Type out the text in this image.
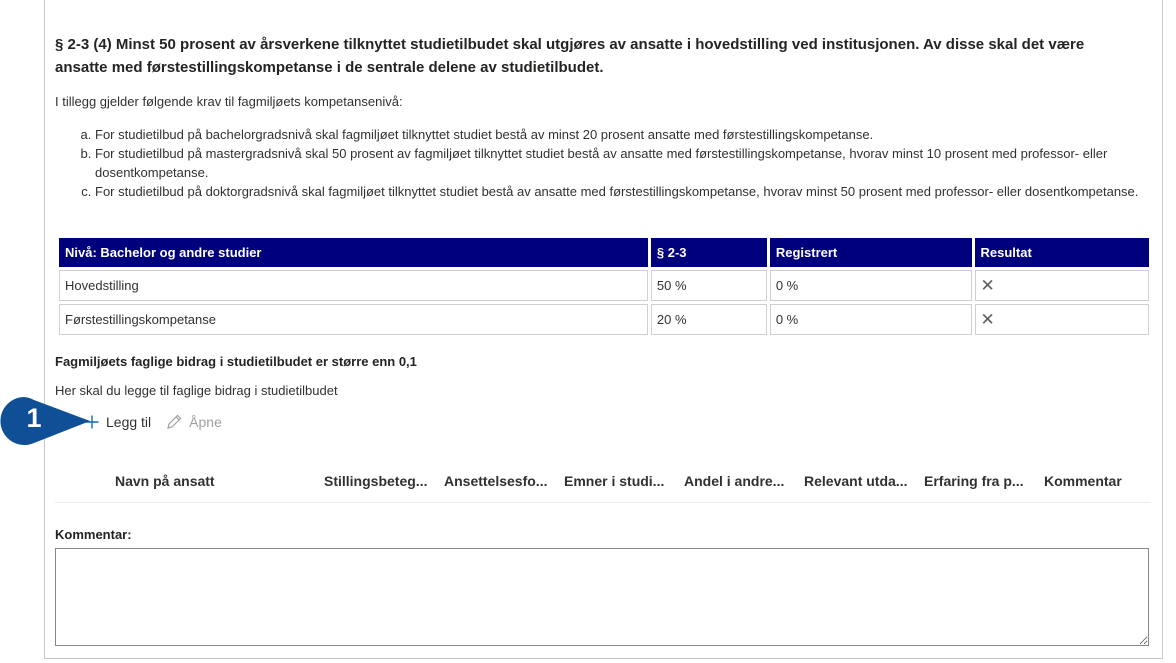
§ 2-3 (4) Minst 50 prosent av årsverkene tilknyttet studietilbudet skal utgjøres av ansatte i hovedstilling ved institusjonen. Av disse skal det være ansatte med førstestillingskompetanse i de sentrale delene av studietilbudet.

I tillegg gjelder følgende krav til fagmiljøets kompetansenivå:
a. For studietilbud på bachelorgradsnivå skal fagmiljøet tilknyttet studiet bestå av minst 20 prosent ansatte med førstestillingskompetanse.
b. For studietilbud på mastergradsnivå skal 50 prosent av fagmiljøet tilknyttet studiet bestå av ansatte med førstestillingskompetanse, hvorav minst 10 prosent med professor- eller dosentkompetanse.
c. For studietilbud på doktorgradsnivå skal fagmiljøet tilknyttet studiet bestå av ansatte med førstestillingskompetanse, hvorav minst 50 prosent med professor- eller dosentkompetanse.
Nivå: Bachelor og andre studier	§ 2-3	Registrert	Resultat
Hovedstilling	50 %	0 %	✕
Førstestillingskompetanse	20 %	0 %	✕
Fagmiljøets faglige bidrag i studietilbudet er større enn 0,1
Her skal du legge til faglige bidrag i studietilbudet
Legg til	Åpne
Navn på ansatt	Stillingsbeteg... Ansettelsesfo... Emner i studi... Andel i andre... Relevant utda... Erfaring fra p... Kommentar
Kommentar:
1
